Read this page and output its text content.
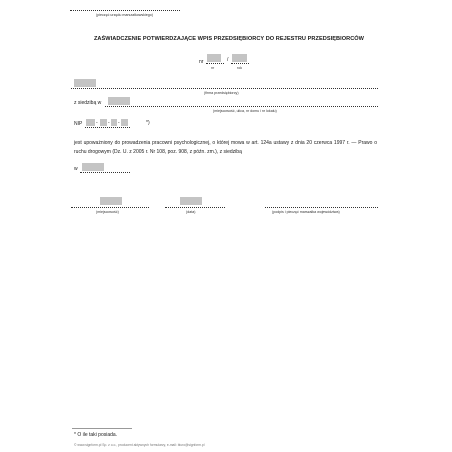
(pieczęć urzędu marszałkowskiego)
ZAŚWIADCZENIE POTWIERDZAJĄCE WPIS PRZEDSIĘBIORCY DO REJESTRU PRZEDSIĘBIORCÓW
nr	/
nr	rok
(firma przedsiębiorcy)
z siedzibą w
(miejscowość, ulica, nr domu i nr lokalu)
NIP	- - -	*)
jest upoważniony do prowadzenia pracowni psychologicznej, o której mowa w art. 124a ustawy z dnia 20 czerwca 1997 r. — Prawo o ruchu drogowym (Dz. U. z 2005 r. Nr 108, poz. 908, z późn. zm.), z siedzibą
w
(miejscowość)	(data)	(podpis i pieczęć marszałka województwa)
* O ile taki posiada.
© www.signform.pl Sp. z o.o., producent aktywnych formularzy, e-mail: biuro@signform.pl
